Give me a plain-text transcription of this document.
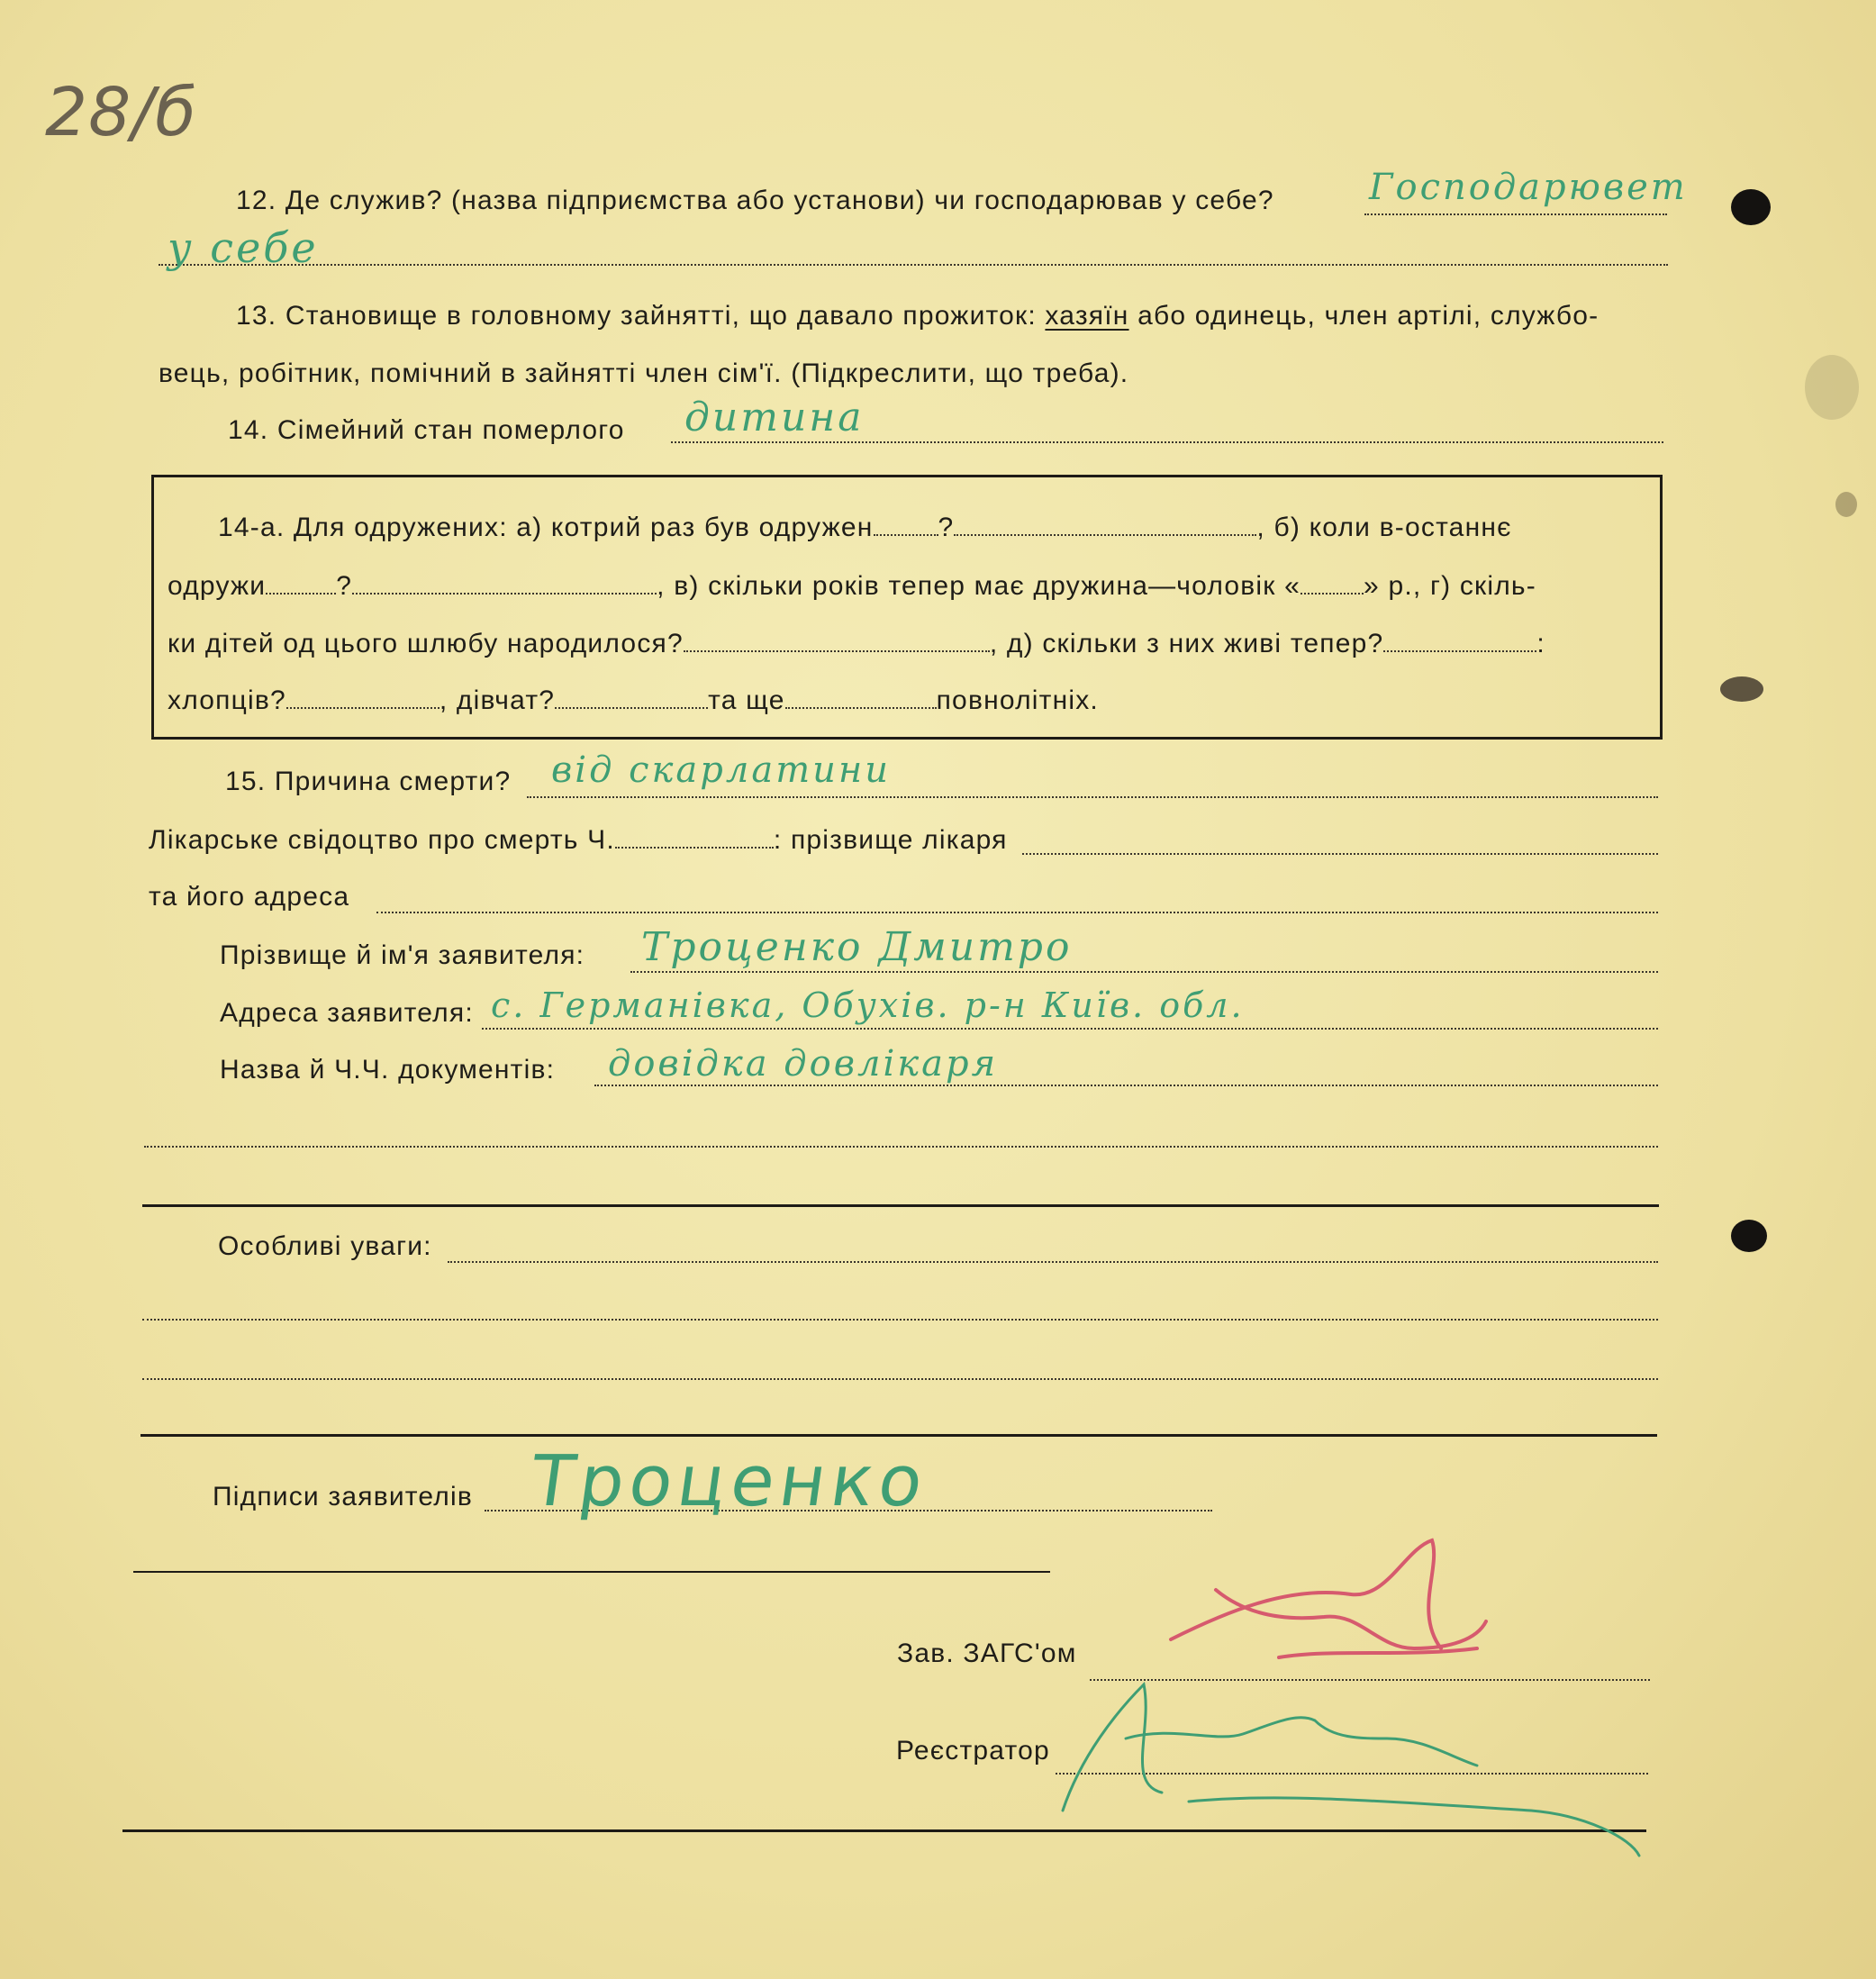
28/б
12. Де служив? (назва підприємства або установи) чи господарював у себе?	Господарювет
у себе
13. Становище в головному зайнятті, що давало прожиток: хазяїн або одинець, член артілі, службо-
вець, робітник, помічний в зайнятті член сім'ї. (Підкреслити, що треба).
14. Сімейний стан померлого дитина
14-а. Для одружених: а) котрий раз був одружен ?	, б) коли в-останнє
одружи	?	, в) скільки років тепер має дружина—чоловік « » р., г) скіль-
ки дітей од цього шлюбу народилося?	, д) скільки з них живі тепер?	:
хлопців?	, дівчат?	та ще	повнолітніх.
15. Причина смерти? від скарлатини
Лікарське свідоцтво про смерть Ч.	: прізвище лікаря
та його адреса
Прізвище й ім'я заявителя: Троценко Дмитро
Адреса заявителя: с. Германівка, Обухів. р-н Київ. обл.
Назва й Ч.Ч. документів: довідка довлікаря
Особливі уваги:
Підписи заявителів Троценко
Зав. ЗАГС'ом
Реєстратор
